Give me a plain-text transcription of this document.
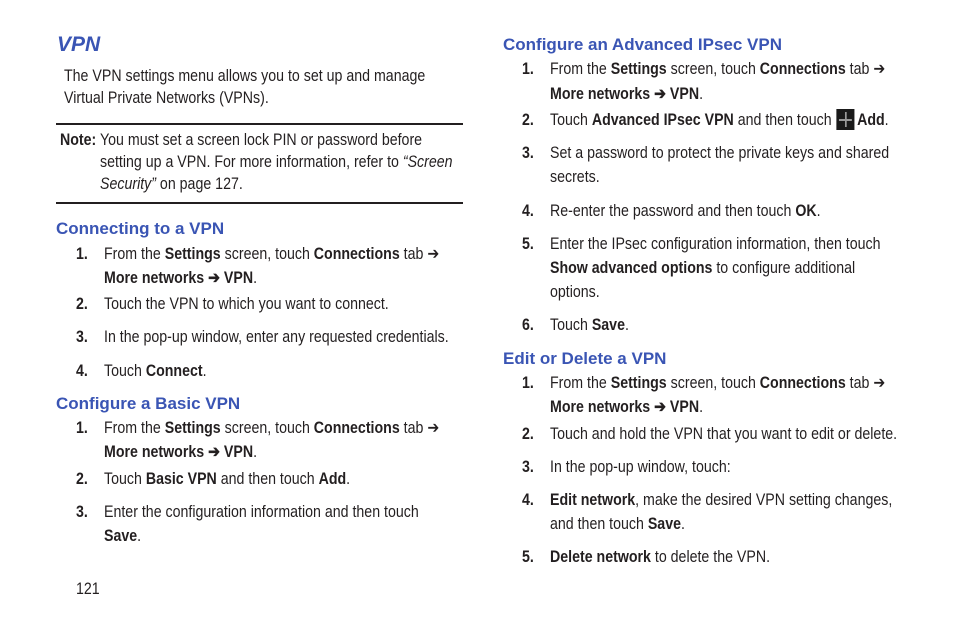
VPN
Note:
121
The VPN settings menu allows you to set up and manage
Virtual Private Networks (VPNs).
You must set a screen lock PIN or password before
setting up a VPN. For more information, refer to “Screen
Security” on page 127.
Connecting to a VPN
1. From the Settings screen, touch Connections tab ➔
More networks ➔ VPN.
2. Touch the VPN to which you want to connect.
3. In the pop-up window, enter any requested credentials.
4. Touch Connect.
Configure a Basic VPN
1. From the Settings screen, touch Connections tab ➔
More networks ➔ VPN.
2. Touch Basic VPN and then touch Add.
3. Enter the configuration information and then touch
Save.
Configure an Advanced IPsec VPN
1. From the Settings screen, touch Connections tab ➔
More networks ➔ VPN.
2. Touch Advanced IPsec VPN and then touch Add.
3. Set a password to protect the private keys and shared
secrets.
4. Re-enter the password and then touch OK.
5. Enter the IPsec configuration information, then touch
Show advanced options to configure additional
options.
6. Touch Save.
Edit or Delete a VPN
1. From the Settings screen, touch Connections tab ➔
More networks ➔ VPN.
2. Touch and hold the VPN that you want to edit or delete.
3. In the pop-up window, touch:
4. Edit network, make the desired VPN setting changes,
and then touch Save.
5. Delete network to delete the VPN.
